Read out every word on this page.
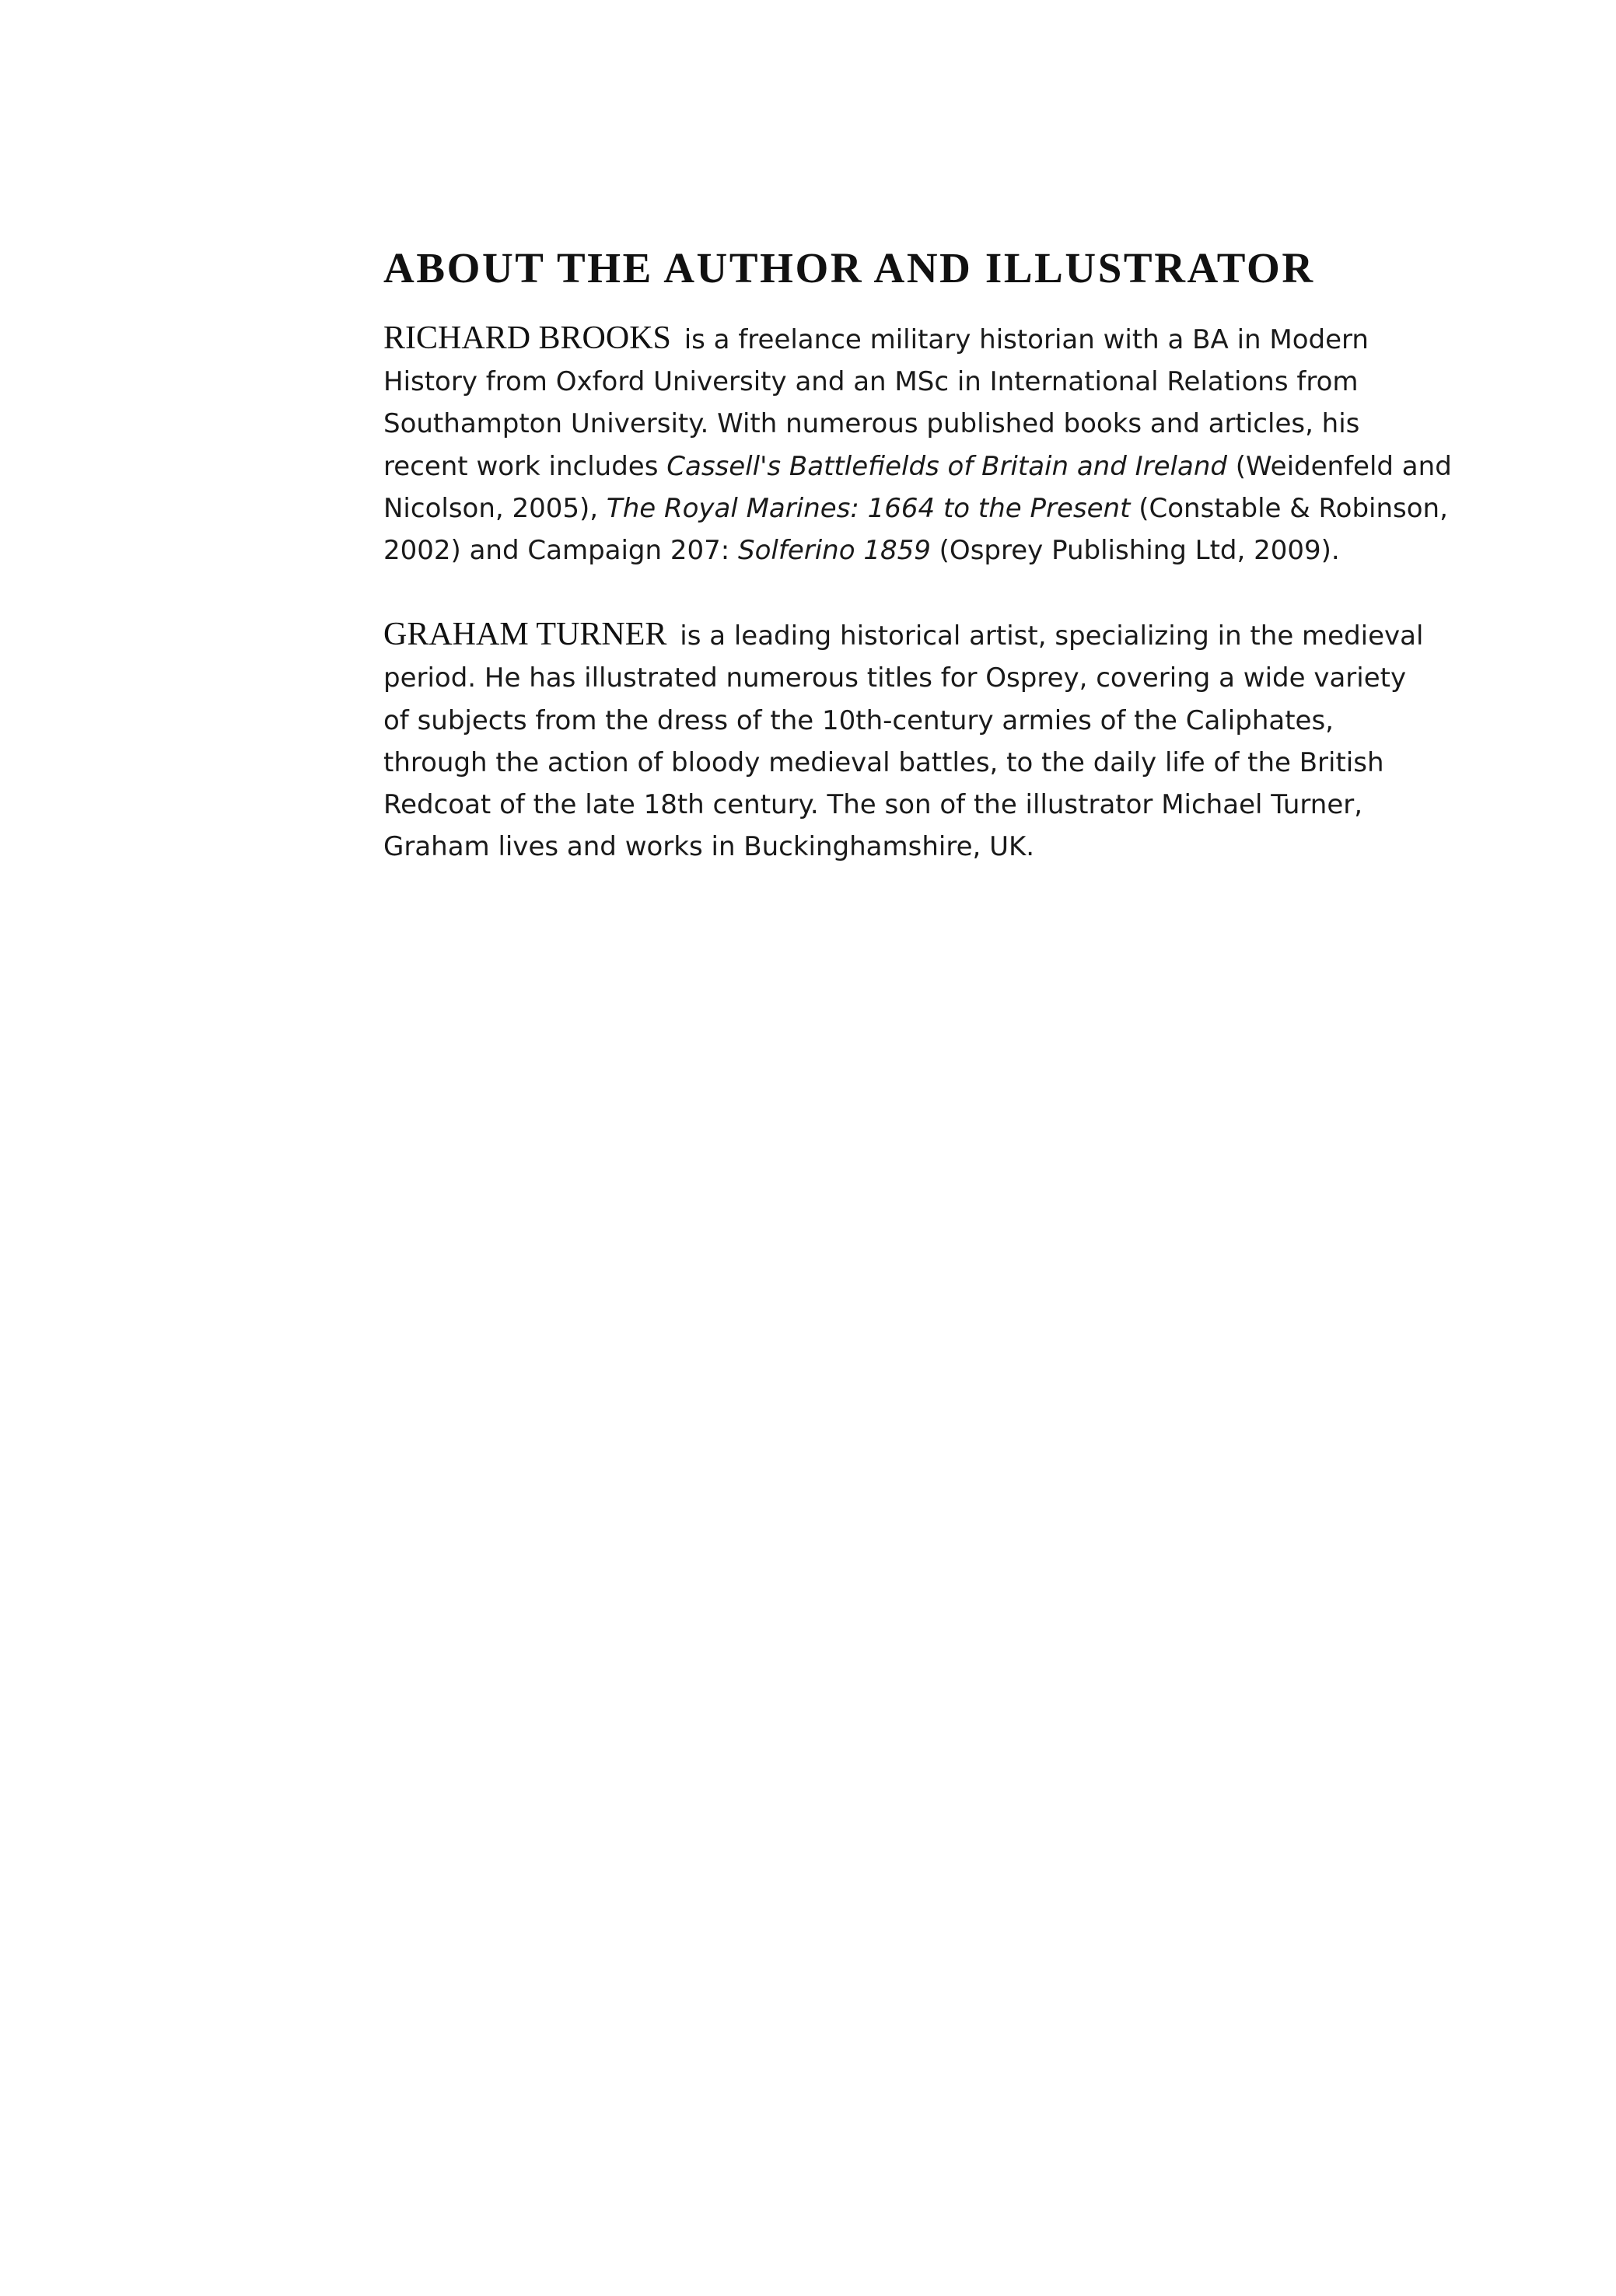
ABOUT THE AUTHOR AND ILLUSTRATOR

RICHARD BROOKS is a freelance military historian with a BA in Modern
History from Oxford University and an MSc in International Relations from
Southampton University. With numerous published books and articles, his
recent work includes Cassell's Battlefields of Britain and Ireland (Weidenfeld and
Nicolson, 2005), The Royal Marines: 1664 to the Present (Constable & Robinson,
2002) and Campaign 207: Solferino 1859 (Osprey Publishing Ltd, 2009).

GRAHAM TURNER is a leading historical artist, specializing in the medieval
period. He has illustrated numerous titles for Osprey, covering a wide variety
of subjects from the dress of the 10th-century armies of the Caliphates,
through the action of bloody medieval battles, to the daily life of the British
Redcoat of the late 18th century. The son of the illustrator Michael Turner,
Graham lives and works in Buckinghamshire, UK.
